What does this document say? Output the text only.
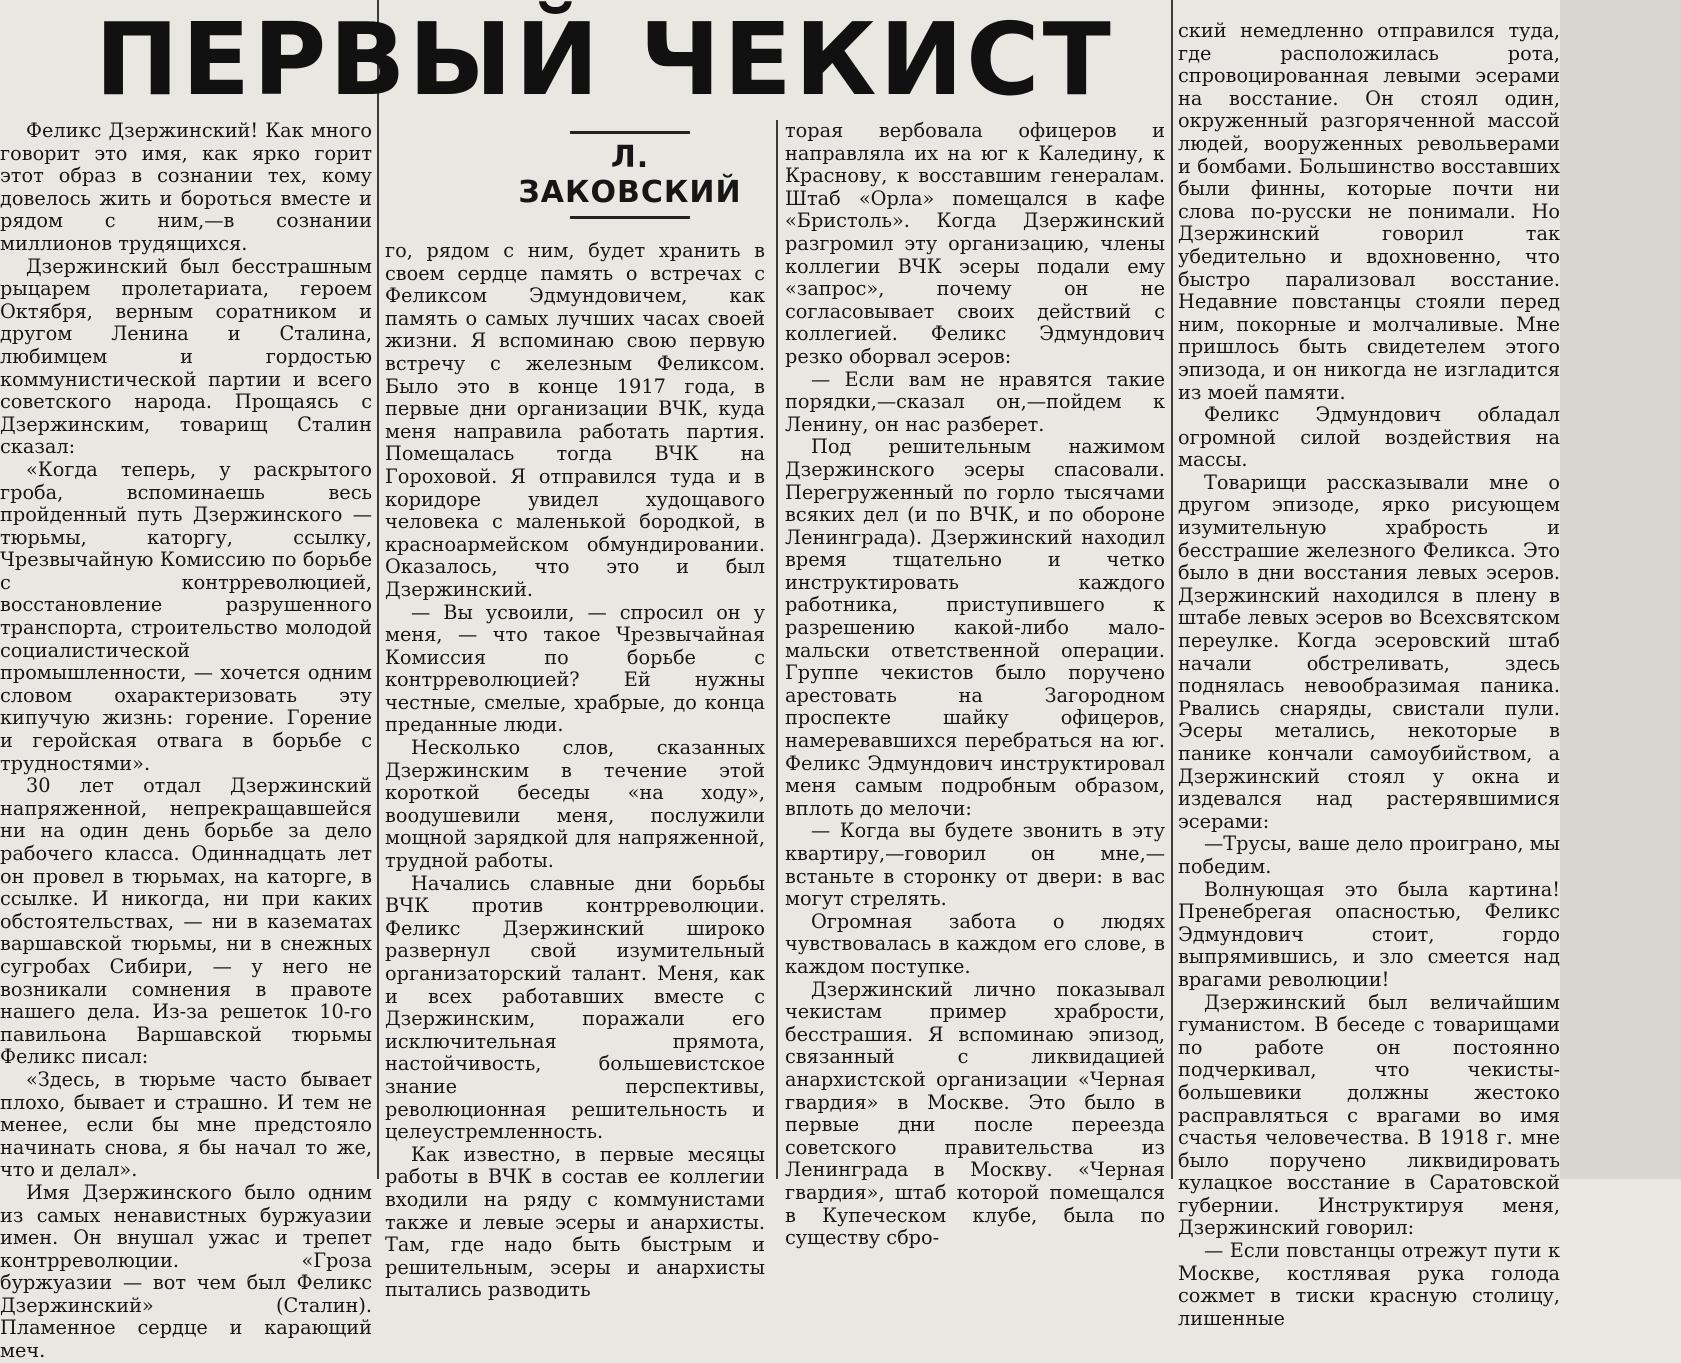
ПЕРВЫЙ ЧЕКИСТ
Л. ЗАКОВСКИЙ

Феликс Дзержинский! Как много говорит это имя, как ярко горит этот образ в сознании тех, кому довелось жить и бороться вместе и рядом с ним,—в сознании миллионов трудящихся.

Дзержинский был бесстрашным рыцарем пролетариата, героем Октября, верным соратником и другом Ленина и Сталина, любимцем и гордостью коммунистической партии и всего советского народа. Прощаясь с Дзержинским, товарищ Сталин сказал:

«Когда теперь, у раскрытого гроба, вспоминаешь весь пройденный путь Дзержинского — тюрьмы, каторгу, ссылку, Чрезвычайную Комиссию по борьбе с контрреволюцией, восстановление разрушенного транспорта, строительство молодой социалистической промышленности, — хочется одним словом охарактеризовать эту кипучую жизнь: горение. Горение и геройская отвага в борьбе с трудностями».

30 лет отдал Дзержинский напряженной, непрекращавшейся ни на один день борьбе за дело рабочего класса. Одиннадцать лет он провел в тюрьмах, на каторге, в ссылке. И никогда, ни при каких обстоятельствах, — ни в казематах варшавской тюрьмы, ни в снежных сугробах Сибири, — у него не возникали сомнения в правоте нашего дела. Из-за решеток 10-го павильона Варшавской тюрьмы Феликс писал:

«Здесь, в тюрьме часто бывает плохо, бывает и страшно. И тем не менее, если бы мне предстояло начинать снова, я бы начал то же, что и делал».

Имя Дзержинского было одним из самых ненавистных буржуазии имен. Он внушал ужас и трепет контрреволюции. «Гроза буржуазии — вот чем был Феликс Дзержинский» (Сталин). Пламенное сердце и карающий меч.

го, рядом с ним, будет хранить в своем сердце память о встречах с Феликсом Эдмундовичем, как память о самых лучших часах своей жизни. Я вспоминаю свою первую встречу с железным Феликсом. Было это в конце 1917 года, в первые дни организации ВЧК, куда меня направила работать партия. Помещалась тогда ВЧК на Гороховой. Я отправился туда и в коридоре увидел худощавого человека с маленькой бородкой, в красноармейском обмундировании. Оказалось, что это и был Дзержинский.

— Вы усвоили, — спросил он у меня, — что такое Чрезвычайная Комиссия по борьбе с контрреволюцией? Ей нужны честные, смелые, храбрые, до конца преданные люди.

Несколько слов, сказанных Дзержинским в течение этой короткой беседы «на ходу», воодушевили меня, послужили мощной зарядкой для напряженной, трудной работы.

Начались славные дни борьбы ВЧК против контрреволюции. Феликс Дзержинский широко развернул свой изумительный организаторский талант. Меня, как и всех работавших вместе с Дзержинским, поражали его исключительная прямота, настойчивость, большевистское знание перспективы, революционная решительность и целеустремленность.

Как известно, в первые месяцы работы в ВЧК в состав ее коллегии входили на ряду с коммунистами также и левые эсеры и анархисты. Там, где надо быть быстрым и решительным, эсеры и анархисты пытались разводить

торая вербовала офицеров и направляла их на юг к Каледину, к Краснову, к восставшим генералам. Штаб «Орла» помещался в кафе «Бристоль». Когда Дзержинский разгромил эту организацию, члены коллегии ВЧК эсеры подали ему «запрос», почему он не согласовывает своих действий с коллегией. Феликс Эдмундович резко оборвал эсеров:

— Если вам не нравятся такие порядки,—сказал он,—пойдем к Ленину, он нас разберет.

Под решительным нажимом Дзержинского эсеры спасовали. Перегруженный по горло тысячами всяких дел (и по ВЧК, и по обороне Ленинграда). Дзержинский находил время тщательно и четко инструктировать каждого работника, приступившего к разрешению какой-либо мало-мальски ответственной операции. Группе чекистов было поручено арестовать на Загородном проспекте шайку офицеров, намеревавшихся перебраться на юг. Феликс Эдмундович инструктировал меня самым подробным образом, вплоть до мелочи:

— Когда вы будете звонить в эту квартиру,—говорил он мне,—встаньте в сторонку от двери: в вас могут стрелять.

Огромная забота о людях чувствовалась в каждом его слове, в каждом поступке.

Дзержинский лично показывал чекистам пример храбрости, бесстрашия. Я вспоминаю эпизод, связанный с ликвидацией анархистской организации «Черная гвардия» в Москве. Это было в первые дни после переезда советского правительства из Ленинграда в Москву. «Черная гвардия», штаб которой помещался в Купеческом клубе, была по существу сбро-

ский немедленно отправился туда, где расположилась рота, спровоцированная левыми эсерами на восстание. Он стоял один, окруженный разгоряченной массой людей, вооруженных револьверами и бомбами. Большинство восставших были финны, которые почти ни слова по-русски не понимали. Но Дзержинский говорил так убедительно и вдохновенно, что быстро парализовал восстание. Недавние повстанцы стояли перед ним, покорные и молчаливые. Мне пришлось быть свидетелем этого эпизода, и он никогда не изгладится из моей памяти.

Феликс Эдмундович обладал огромной силой воздействия на массы.

Товарищи рассказывали мне о другом эпизоде, ярко рисующем изумительную храбрость и бесстрашие железного Феликса. Это было в дни восстания левых эсеров. Дзержинский находился в плену в штабе левых эсеров во Всехсвятском переулке. Когда эсеровский штаб начали обстреливать, здесь поднялась невообразимая паника. Рвались снаряды, свистали пули. Эсеры метались, некоторые в панике кончали самоубийством, а Дзержинский стоял у окна и издевался над растерявшимися эсерами:

—Трусы, ваше дело проиграно, мы победим.

Волнующая это была картина! Пренебрегая опасностью, Феликс Эдмундович стоит, гордо выпрямившись, и зло смеется над врагами революции!

Дзержинский был величайшим гуманистом. В беседе с товарищами по работе он постоянно подчеркивал, что чекисты-большевики должны жестоко расправляться с врагами во имя счастья человечества. В 1918 г. мне было поручено ликвидировать кулацкое восстание в Саратовской губернии. Инструктируя меня, Дзержинский говорил:

— Если повстанцы отрежут пути к Москве, костлявая рука голода сожмет в тиски красную столицу, лишенные
